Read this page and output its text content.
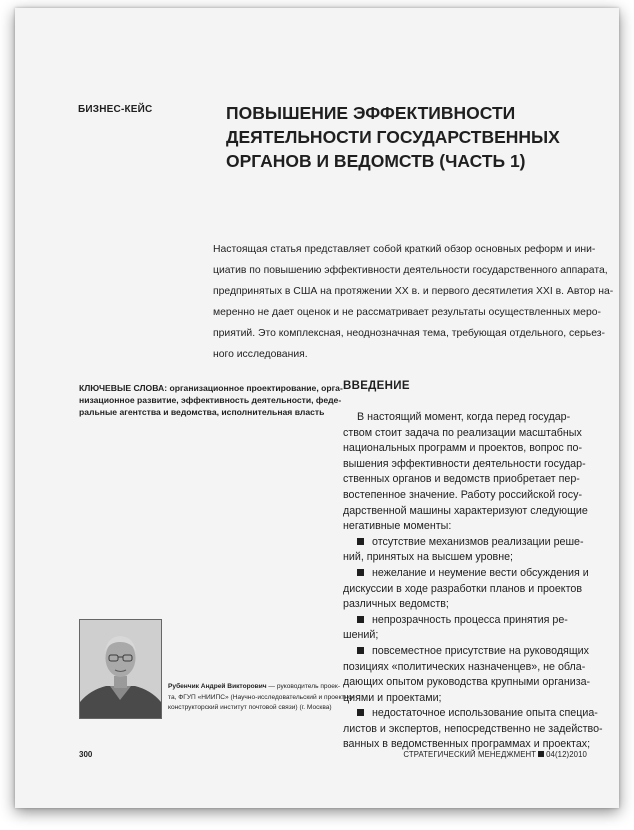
БИЗНЕС-КЕЙС	ПОВЫШЕНИЕ ЭФФЕКТИВНОСТИ
ДЕЯТЕЛЬНОСТИ ГОСУДАРСТВЕННЫХ
ОРГАНОВ И ВЕДОМСТВ (ЧАСТЬ 1)

Настоящая статья представляет собой краткий обзор основных реформ и ини-
циатив по повышению эффективности деятельности государственного аппарата,
предпринятых в США на протяжении XX в. и первого десятилетия XXI в. Автор на-
меренно не дает оценок и не рассматривает результаты осуществленных меро-
приятий. Это комплексная, неоднозначная тема, требующая отдельного, серьез-
ного исследования.

КЛЮЧЕВЫЕ СЛОВА: организационное проектирование, орга-
низационное развитие, эффективность деятельности, феде-
ральные агентства и ведомства, исполнительная власть
ВВЕДЕНИЕ
В настоящий момент, когда перед государ-
ством стоит задача по реализации масштабных
национальных программ и проектов, вопрос по-
вышения эффективности деятельности государ-
ственных органов и ведомств приобретает пер-
востепенное значение. Работу российской госу-
дарственной машины характеризуют следующие
негативные моменты:
отсутствие механизмов реализации реше-
ний, принятых на высшем уровне;
нежелание и неумение вести обсуждения и
дискуссии в ходе разработки планов и проектов
различных ведомств;
непрозрачность процесса принятия ре-
шений;
повсеместное присутствие на руководящих
позициях «политических назначенцев», не обла-
дающих опытом руководства крупными организа-
циями и проектами;
недостаточное использование опыта специа-
листов и экспертов, непосредственно не задейство-
ванных в ведомственных программах и проектах;
Рубенчик Андрей Викторович — руководитель проек-
та, ФГУП «НИИПС» (Научно-исследовательский и проектно-
конструкторский институт почтовой связи) (г. Москва)
300	СТРАТЕГИЧЕСКИЙ МЕНЕДЖМЕНТ 04(12)2010
